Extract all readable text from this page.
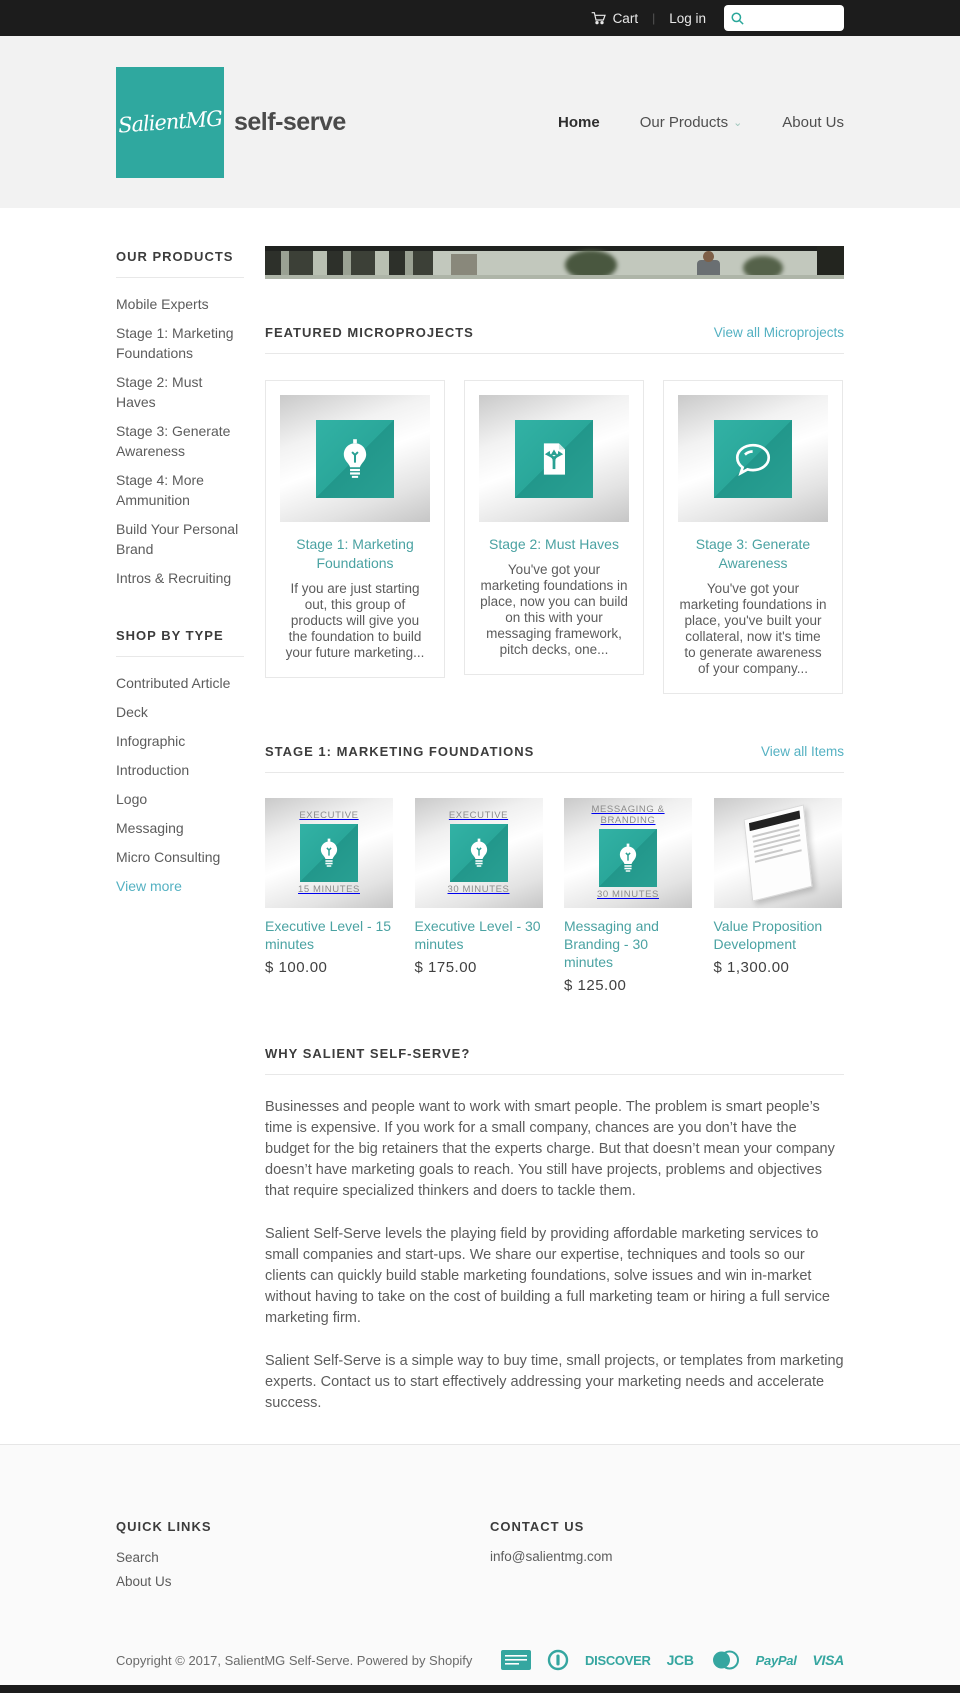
Cart | Log in
SalientMG self-serve	Home	Our Products ⌄	About Us
OUR PRODUCTS
Mobile Experts
Stage 1: Marketing Foundations
Stage 2: Must Haves
Stage 3: Generate Awareness
Stage 4: More Ammunition
Build Your Personal Brand
Intros & Recruiting
SHOP BY TYPE
Contributed Article
Deck
Infographic
Introduction
Logo
Messaging
Micro Consulting
View more
FEATURED MICROPROJECTS	View all Microprojects
Stage 1: Marketing Foundations
If you are just starting out, this group of products will give you the foundation to build your future marketing...
Stage 2: Must Haves
You've got your marketing foundations in place, now you can build on this with your messaging framework, pitch decks, one...
Stage 3: Generate Awareness
You've got your marketing foundations in place, you've built your collateral, now it's time to generate awareness of your company...
STAGE 1: MARKETING FOUNDATIONS	View all Items
EXECUTIVE
15 MINUTES
Executive Level - 15 minutes
$ 100.00
EXECUTIVE
30 MINUTES
Executive Level - 30 minutes
$ 175.00
MESSAGING & BRANDING
30 MINUTES
Messaging and Branding - 30 minutes
$ 125.00
Value Proposition Development
$ 1,300.00
WHY SALIENT SELF-SERVE?

Businesses and people want to work with smart people. The problem is smart people’s time is expensive. If you work for a small company, chances are you don’t have the budget for the big retainers that the experts charge. But that doesn’t mean your company doesn’t have marketing goals to reach. You still have projects, problems and objectives that require specialized thinkers and doers to tackle them.

Salient Self-Serve levels the playing field by providing affordable marketing services to small companies and start-ups. We share our expertise, techniques and tools so our clients can quickly build stable marketing foundations, solve issues and win in-market without having to take on the cost of building a full marketing team or hiring a full service marketing firm.

Salient Self-Serve is a simple way to buy time, small projects, or templates from marketing experts. Contact us to start effectively addressing your marketing needs and accelerate success.

QUICK LINKS
Search
About Us
CONTACT US
info@salientmg.com
Copyright © 2017, SalientMG Self-Serve. Powered by Shopify	DISCOVER JCB	PayPal VISA
